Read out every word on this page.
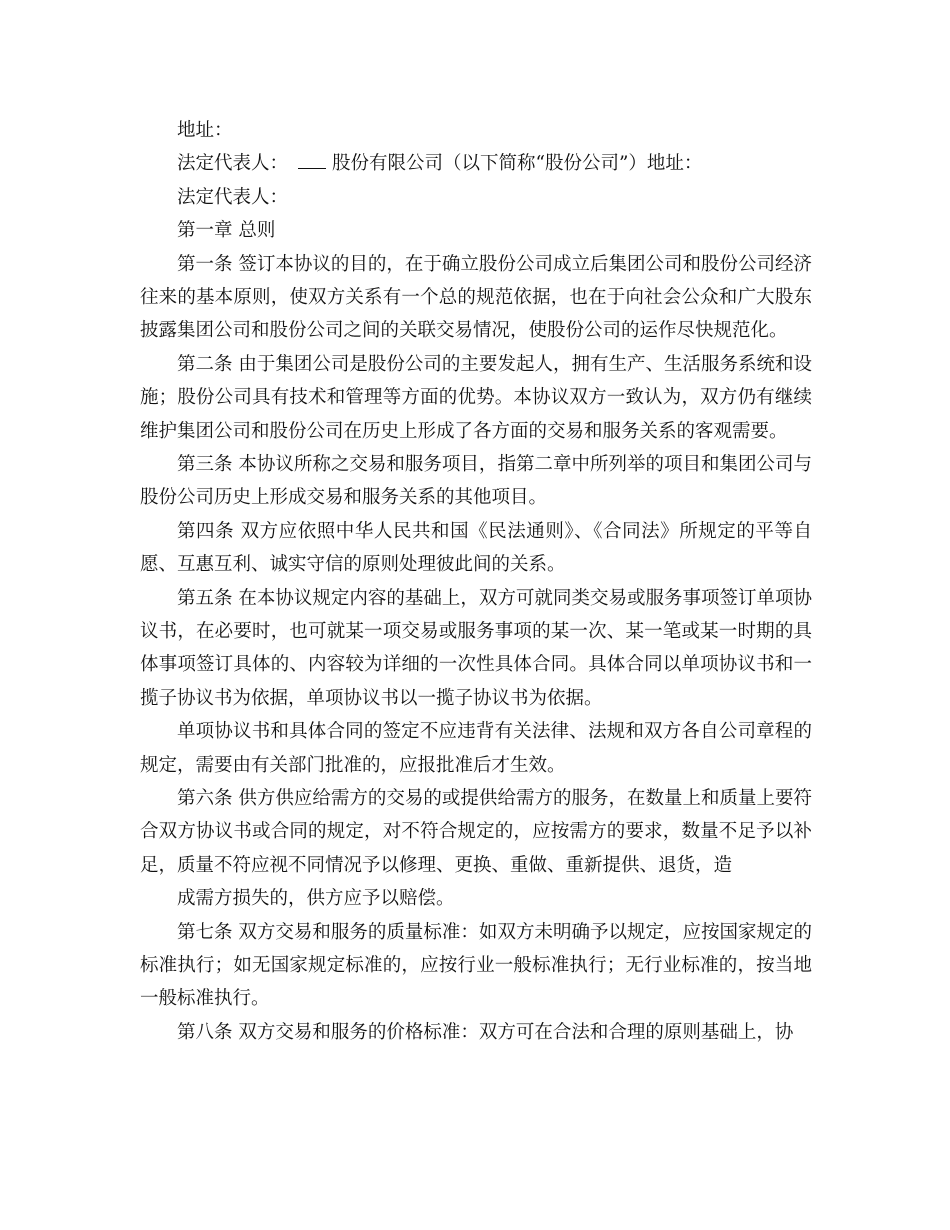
地址：
法定代表人： 股份有限公司（以下简称“股份公司”）地址：
法定代表人：
第一章 总则

第一条 签订本协议的目的，在于确立股份公司成立后集团公司和股份公司经济往来的基本原则，使双方关系有一个总的规范依据，也在于向社会公众和广大股东披露集团公司和股份公司之间的关联交易情况，使股份公司的运作尽快规范化。

第二条 由于集团公司是股份公司的主要发起人，拥有生产、生活服务系统和设施；股份公司具有技术和管理等方面的优势。本协议双方一致认为，双方仍有继续维护集团公司和股份公司在历史上形成了各方面的交易和服务关系的客观需要。

第三条 本协议所称之交易和服务项目，指第二章中所列举的项目和集团公司与股份公司历史上形成交易和服务关系的其他项目。

第四条 双方应依照中华人民共和国《民法通则》、《合同法》所规定的平等自愿、互惠互利、诚实守信的原则处理彼此间的关系。

第五条 在本协议规定内容的基础上，双方可就同类交易或服务事项签订单项协议书，在必要时，也可就某一项交易或服务事项的某一次、某一笔或某一时期的具体事项签订具体的、内容较为详细的一次性具体合同。具体合同以单项协议书和一揽子协议书为依据，单项协议书以一揽子协议书为依据。

单项协议书和具体合同的签定不应违背有关法律、法规和双方各自公司章程的规定，需要由有关部门批准的，应报批准后才生效。

第六条 供方供应给需方的交易的或提供给需方的服务，在数量上和质量上要符合双方协议书或合同的规定，对不符合规定的，应按需方的要求，数量不足予以补足，质量不符应视不同情况予以修理、更换、重做、重新提供、退货，造

成需方损失的，供方应予以赔偿。

第七条 双方交易和服务的质量标准：如双方未明确予以规定，应按国家规定的标准执行；如无国家规定标准的，应按行业一般标准执行；无行业标准的，按当地一般标准执行。

第八条 双方交易和服务的价格标准：双方可在合法和合理的原则基础上，协
